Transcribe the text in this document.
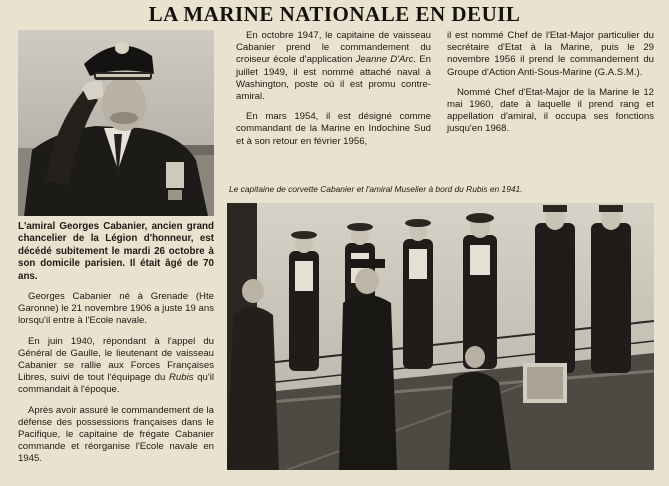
LA MARINE NATIONALE EN DEUIL
L'amiral Georges Cabanier, ancien grand chancelier de la Légion d'honneur, est décédé subitement le mardi 26 octobre à son domicile parisien. Il était âgé de 70 ans.

Georges Cabanier né à Grenade (Hte Garonne) le 21 novembre 1906 a juste 19 ans lorsqu'il entre à l'Ecole navale.

En juin 1940, répondant à l'appel du Général de Gaulle, le lieutenant de vaisseau Cabanier se rallie aux Forces Françaises Libres, suivi de tout l'équipage du Rubis qu'il commandait à l'époque.

Après avoir assuré le commandement de la défense des possessions françaises dans le Pacifique, le capitaine de frégate Cabanier commande et réorganise l'Ecole navale en 1945.

En octobre 1947, le capitaine de vaisseau Cabanier prend le commandement du croiseur école d'application Jeanne D'Arc. En juillet 1949, il est nommé attaché naval à Washington, poste où il est promu contre-amiral.

En mars 1954, il est désigné comme commandant de la Marine en Indochine Sud et à son retour en février 1956,

il est nommé Chef de l'Etat-Major particulier du secrétaire d'Etat à la Marine, puis le 29 novembre 1956 il prend le commandement du Groupe d'Action Anti-Sous-Marine (G.A.S.M.).

Nommé Chef d'Etat-Major de la Marine le 12 mai 1960, date à laquelle il prend rang et appellation d'amiral, il occupa ses fonctions jusqu'en 1968.

Le capitaine de corvette Cabanier et l'amiral Muselier à bord du Rubis en 1941.
